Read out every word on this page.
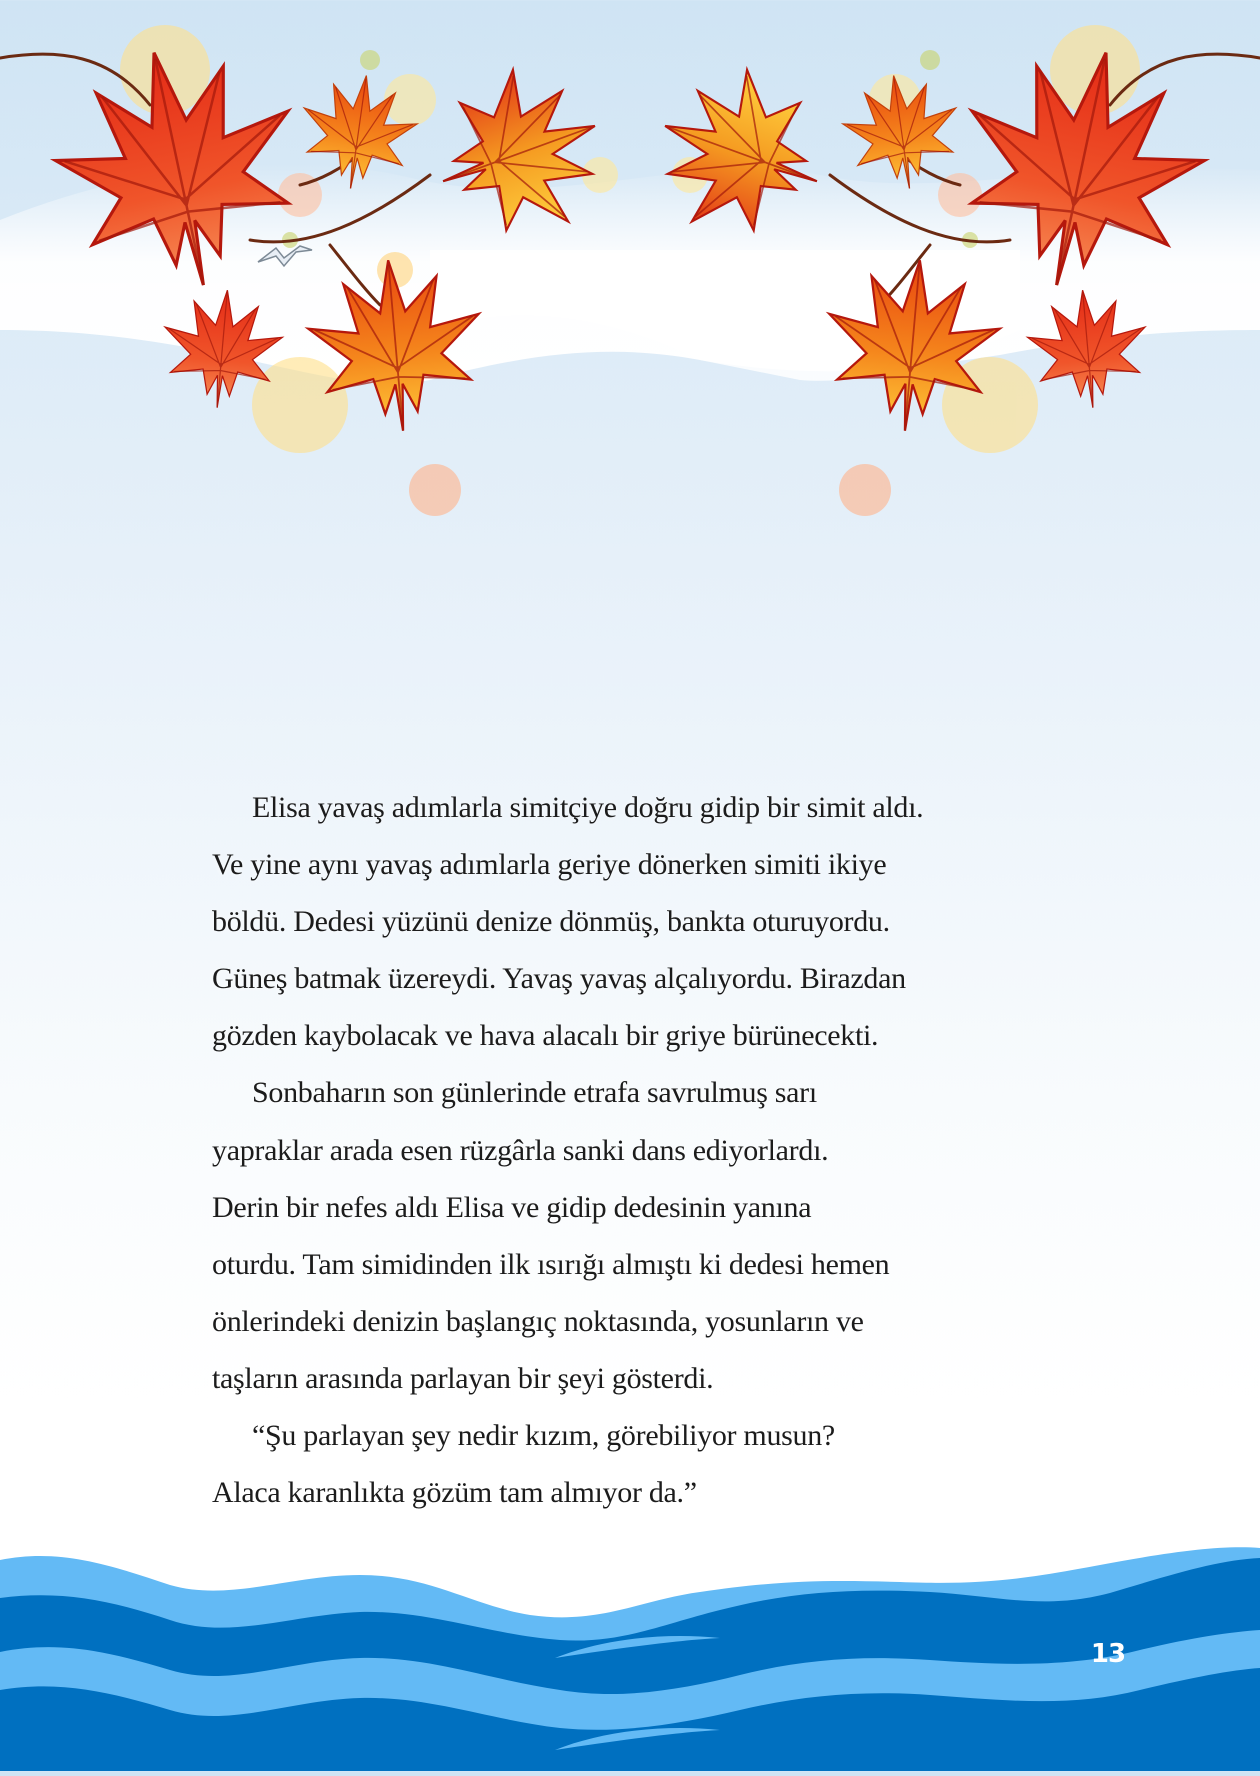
Elisa yavaş adımlarla simitçiye doğru gidip bir simit aldı.
Ve yine aynı yavaş adımlarla geriye dönerken simiti ikiye
böldü. Dedesi yüzünü denize dönmüş, bankta oturuyordu.
Güneş batmak üzereydi. Yavaş yavaş alçalıyordu. Birazdan
gözden kaybolacak ve hava alacalı bir griye bürünecekti.
Sonbaharın son günlerinde etrafa savrulmuş sarı
yapraklar arada esen rüzgârla sanki dans ediyorlardı.
Derin bir nefes aldı Elisa ve gidip dedesinin yanına
oturdu. Tam simidinden ilk ısırığı almıştı ki dedesi hemen
önlerindeki denizin başlangıç noktasında, yosunların ve
taşların arasında parlayan bir şeyi gösterdi.
“Şu parlayan şey nedir kızım, görebiliyor musun?
Alaca karanlıkta gözüm tam almıyor da.”
13
